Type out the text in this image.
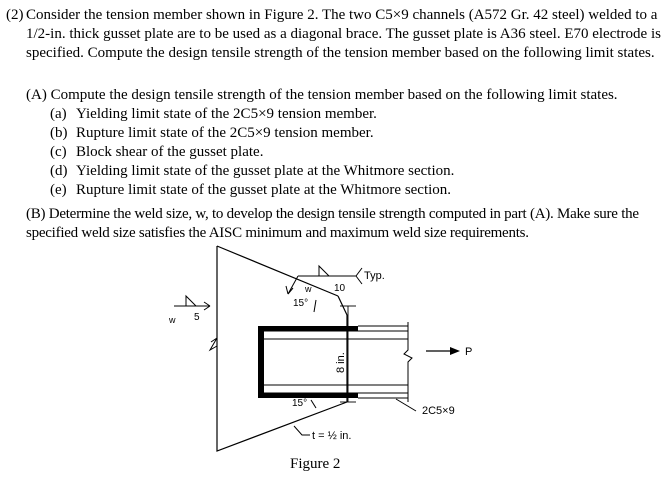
(2) Consider the tension member shown in Figure 2. The two C5×9 channels (A572 Gr. 42 steel) welded to a 1/2-in. thick gusset plate are to be used as a diagonal brace. The gusset plate is A36 steel. E70 electrode is specified. Compute the design tensile strength of the tension member based on the following limit states.
(A) Compute the design tensile strength of the tension member based on the following limit states.
(a) Yielding limit state of the 2C5×9 tension member.
(b) Rupture limit state of the 2C5×9 tension member.
(c) Block shear of the gusset plate.
(d) Yielding limit state of the gusset plate at the Whitmore section.
(e) Rupture limit state of the gusset plate at the Whitmore section.
(B) Determine the weld size, w, to develop the design tensile strength computed in part (A). Make sure the specified weld size satisfies the AISC minimum and maximum weld size requirements.
8 in.
w 10
Typ.
15°
w 5
15°
P
2C5×9
t = ½ in.
Figure 2
